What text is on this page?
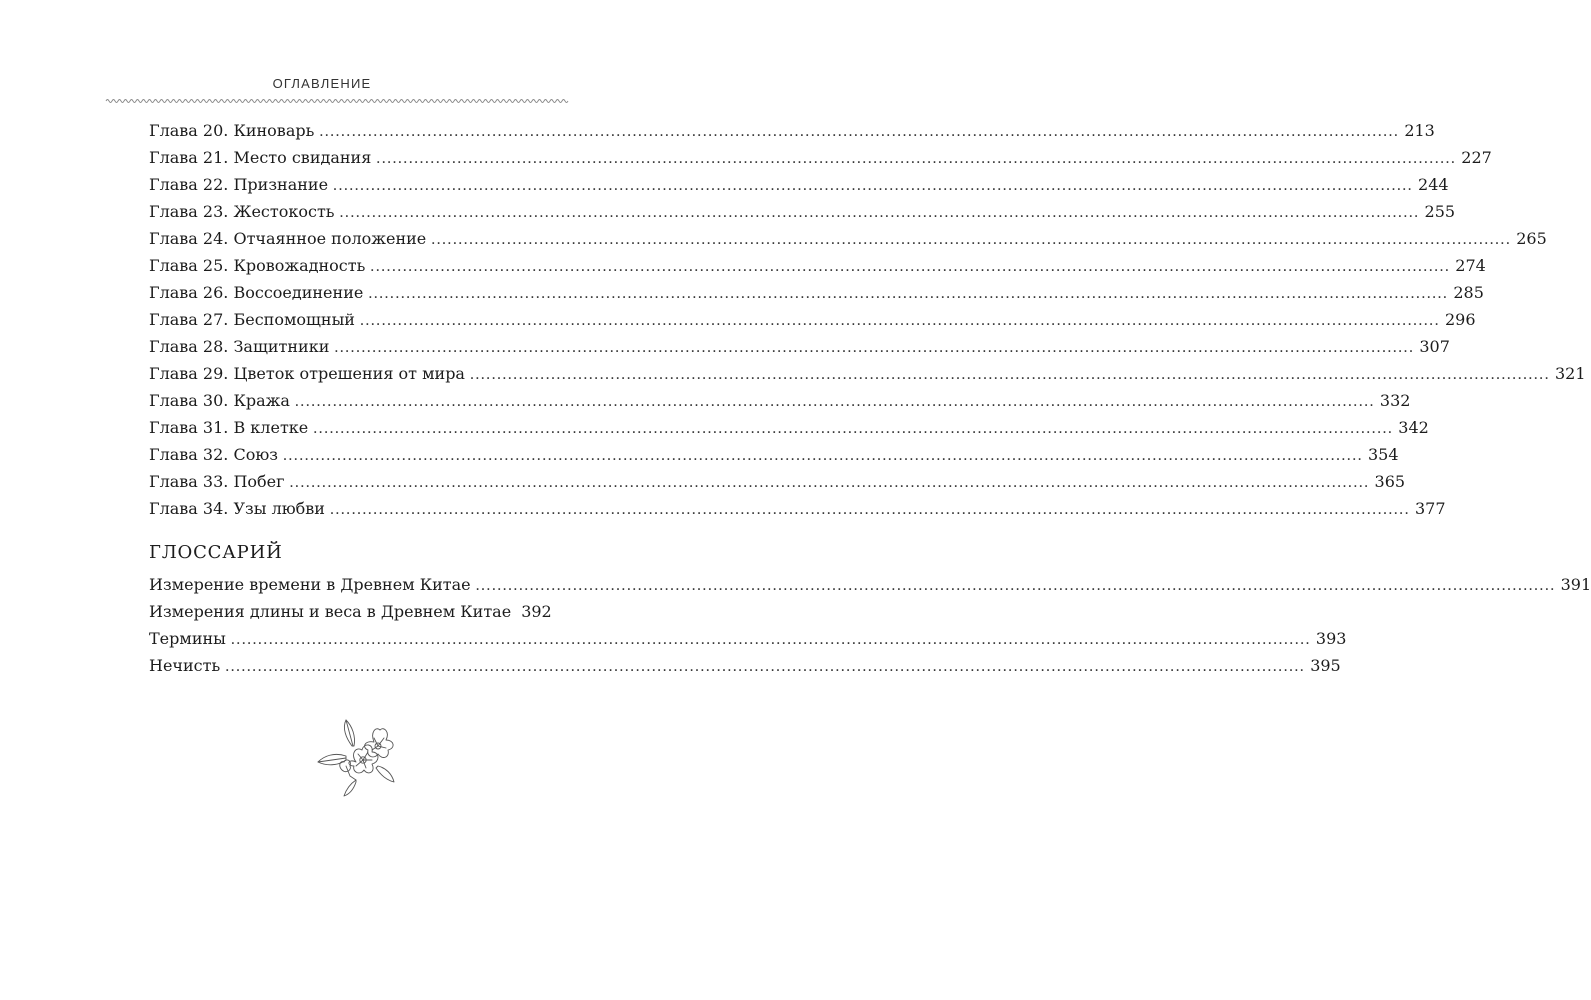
ОГЛАВЛЕНИЕ
Глава 20. Киноварь ........................................................................................................................................................................................................ 213
Глава 21. Место свидания ........................................................................................................................................................................................................ 227
Глава 22. Признание ........................................................................................................................................................................................................ 244
Глава 23. Жестокость ........................................................................................................................................................................................................ 255
Глава 24. Отчаянное положение ........................................................................................................................................................................................................ 265
Глава 25. Кровожадность ........................................................................................................................................................................................................ 274
Глава 26. Воссоединение ........................................................................................................................................................................................................ 285
Глава 27. Беспомощный ........................................................................................................................................................................................................ 296
Глава 28. Защитники ........................................................................................................................................................................................................ 307
Глава 29. Цветок отрешения от мира ........................................................................................................................................................................................................ 321
Глава 30. Кража ........................................................................................................................................................................................................ 332
Глава 31. В клетке ........................................................................................................................................................................................................ 342
Глава 32. Союз ........................................................................................................................................................................................................ 354
Глава 33. Побег ........................................................................................................................................................................................................ 365
Глава 34. Узы любви ........................................................................................................................................................................................................ 377
ГЛОССАРИЙ
Измерение времени в Древнем Китае ........................................................................................................................................................................................................ 391
Измерения длины и веса в Древнем Китае 392
Термины ........................................................................................................................................................................................................ 393
Нечисть ........................................................................................................................................................................................................ 395
